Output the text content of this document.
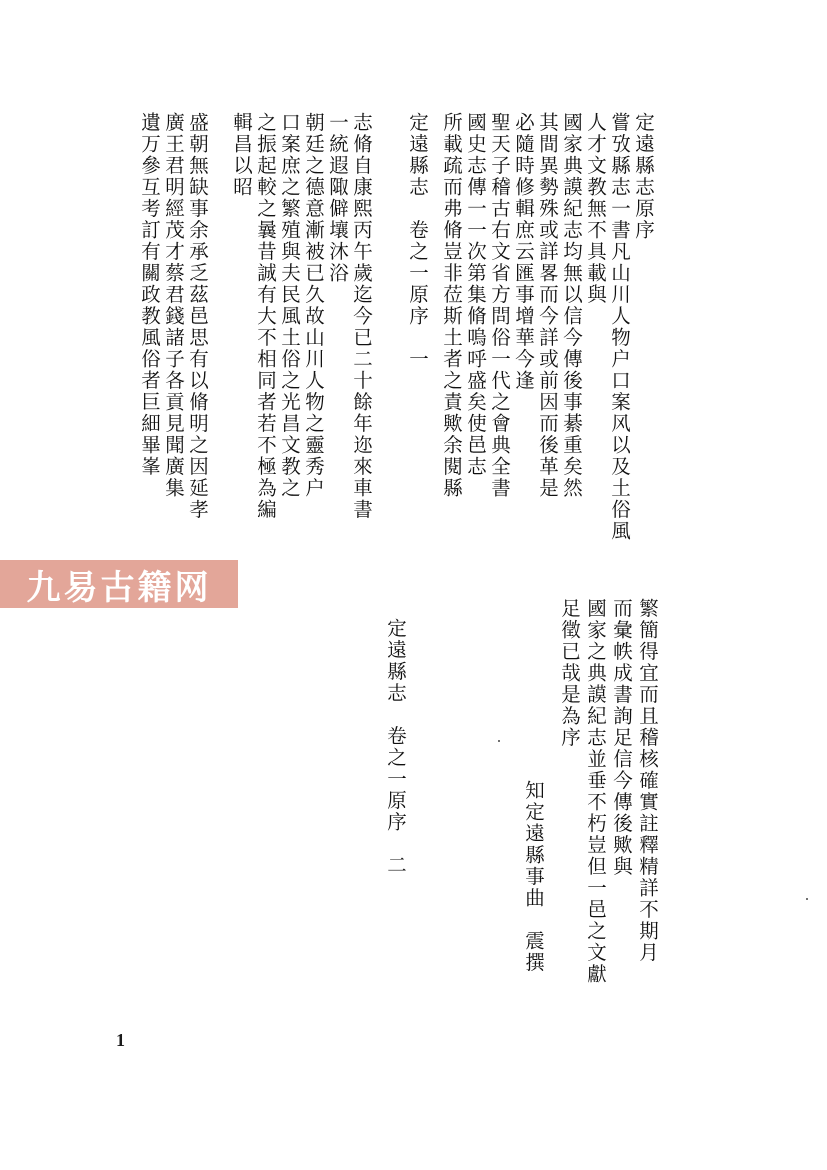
定遠縣志原序
嘗攷縣志一書凡山川人物户口案风以及土俗風
人才文教無不具載與
國家典謨紀志均無以信今傳後事綦重矣然
其間異勢殊或詳畧而今詳或前因而後革是
必隨時修輯庶云匯事增華今逢
聖天子稽古右文省方問俗一代之會典全書
國史志傳一一次第集脩嗚呼盛矣使邑志
所載疏而弗脩豈非莅斯土者之責歟余閱縣
定遠縣志　卷之一原序　一
志脩自康熙丙午歲迄今已二十餘年迩來車書
一統遐陬僻壤沐浴
朝廷之德意漸被已久故山川人物之靈秀户
口案庶之繁殖與夫民風土俗之光昌文教之
之振起較之曩昔誠有大不相同者若不極為編
輯昌以昭
盛朝無缺事余承乏茲邑思有以脩明之因延孝
廣王君明經茂才蔡君錢諸子各貢見聞廣集
遺万參互考訂有關政教風俗者巨細畢峯
九易古籍网
繁簡得宜而且稽核確實註釋精詳不期月
而彙帙成書詢足信今傳後歟與
國家之典謨紀志並垂不朽豈但一邑之文獻
足徵已哉是為序
知定遠縣事曲　震撰
定遠縣志　卷之一原序　二
1
